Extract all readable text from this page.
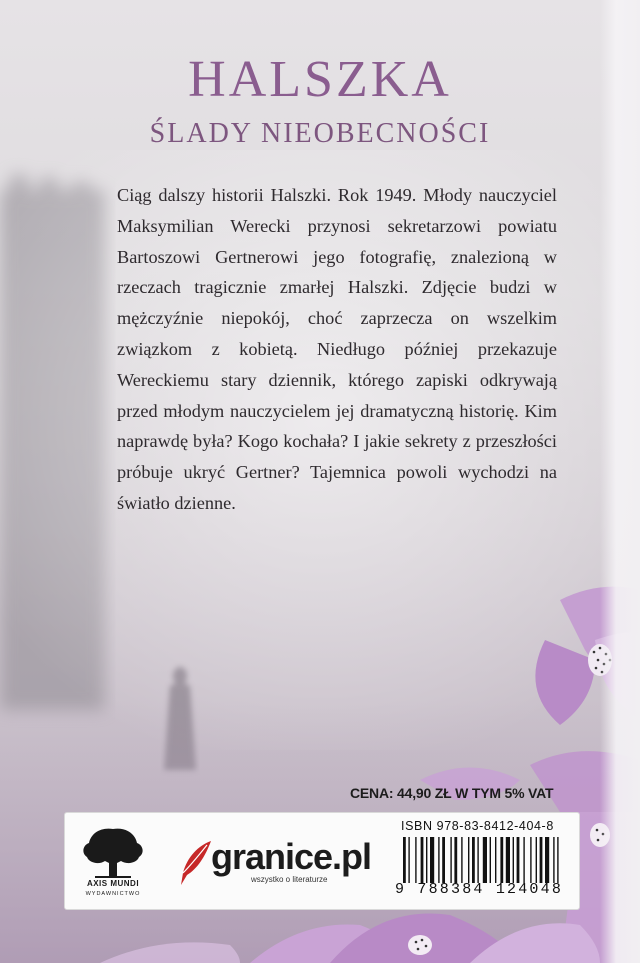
HALSZKA
ŚLADY NIEOBECNOŚCI
Ciąg dalszy historii Halszki. Rok 1949. Młody nauczyciel Maksymilian Werecki przynosi sekretarzowi powiatu Bartoszowi Gertnerowi jego fotografię, znalezioną w rzeczach tragicznie zmarłej Halszki. Zdjęcie budzi w mężczyźnie niepokój, choć zaprzecza on wszelkim związkom z kobietą. Niedługo później przekazuje Wereckiemu stary dziennik, którego zapiski odkrywają przed młodym nauczycielem jej dramatyczną historię. Kim naprawdę była? Kogo kochała? I jakie sekrety z przeszłości próbuje ukryć Gertner? Tajemnica powoli wychodzi na światło dzienne.
CENA: 44,90 ZŁ W TYM 5% VAT
AXIS MUNDI
WYDAWNICTWO
granice.pl
wszystko o literaturze
ISBN 978-83-8412-404-8
9 788384 124048
